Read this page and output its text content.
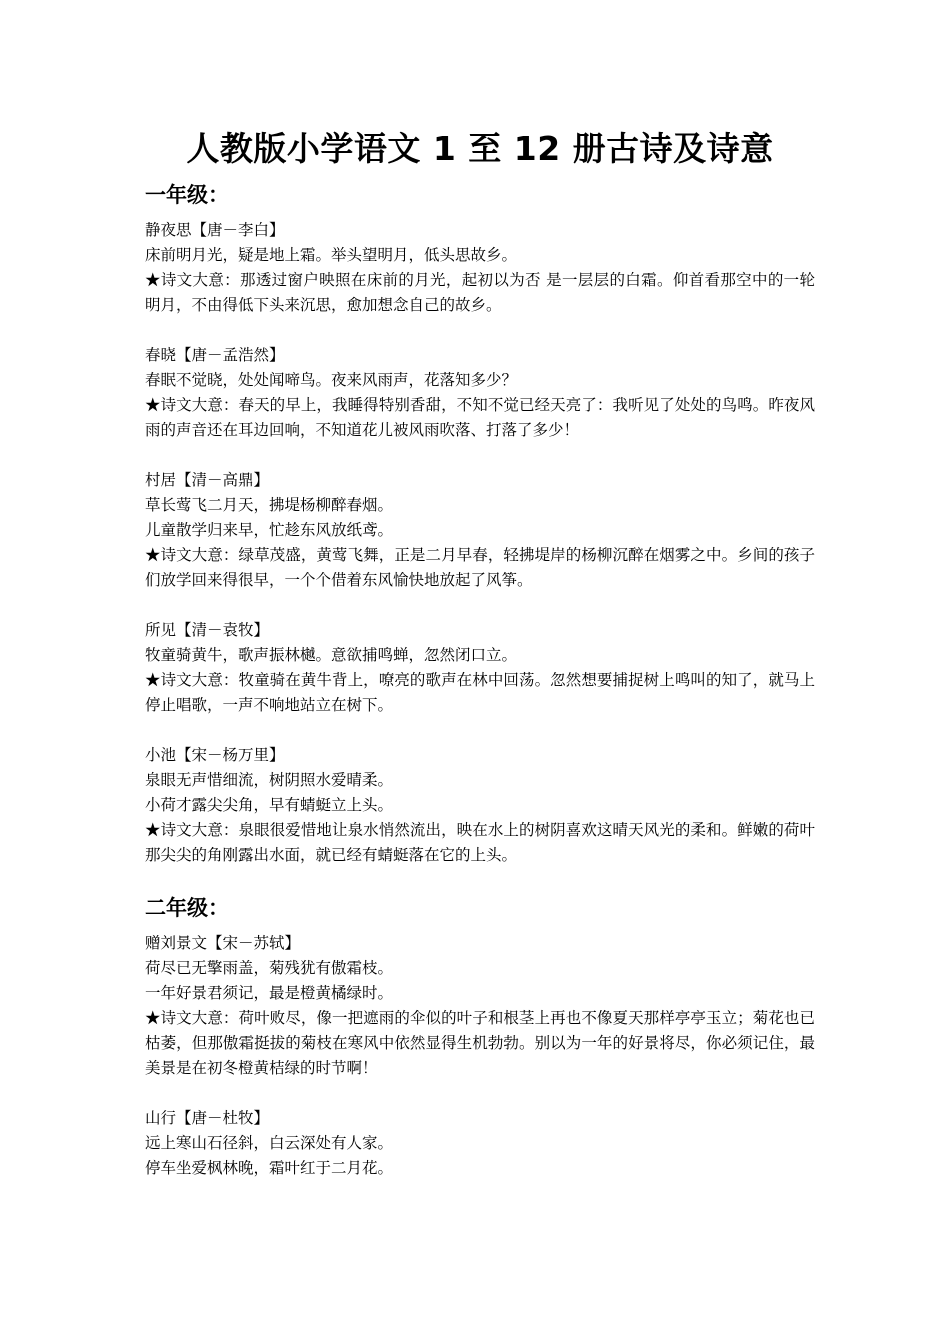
人教版小学语文 1 至 12 册古诗及诗意
一年级：
静夜思【唐－李白】
床前明月光，疑是地上霜。举头望明月，低头思故乡。
★诗文大意：那透过窗户映照在床前的月光，起初以为否 是一层层的白霜。仰首看那空中的一轮明月，不由得低下头来沉思，愈加想念自己的故乡。
春晓【唐－孟浩然】
春眠不觉晓，处处闻啼鸟。夜来风雨声，花落知多少？
★诗文大意：春天的早上，我睡得特别香甜，不知不觉已经天亮了：我听见了处处的鸟鸣。昨夜风雨的声音还在耳边回响，不知道花儿被风雨吹落、打落了多少！
村居【清－高鼎】
草长莺飞二月天，拂堤杨柳醉春烟。
儿童散学归来早，忙趁东风放纸鸢。
★诗文大意：绿草茂盛，黄莺飞舞，正是二月早春，轻拂堤岸的杨柳沉醉在烟雾之中。乡间的孩子们放学回来得很早，一个个借着东风愉快地放起了风筝。
所见【清－袁牧】
牧童骑黄牛，歌声振林樾。意欲捕鸣蝉，忽然闭口立。
★诗文大意：牧童骑在黄牛背上，嘹亮的歌声在林中回荡。忽然想要捕捉树上鸣叫的知了，就马上停止唱歌，一声不响地站立在树下。
小池【宋－杨万里】
泉眼无声惜细流，树阴照水爱晴柔。
小荷才露尖尖角，早有蜻蜓立上头。
★诗文大意：泉眼很爱惜地让泉水悄然流出，映在水上的树阴喜欢这晴天风光的柔和。鲜嫩的荷叶那尖尖的角刚露出水面，就已经有蜻蜓落在它的上头。
二年级：
赠刘景文【宋－苏轼】
荷尽已无擎雨盖，菊残犹有傲霜枝。
一年好景君须记，最是橙黄橘绿时。
★诗文大意：荷叶败尽，像一把遮雨的伞似的叶子和根茎上再也不像夏天那样亭亭玉立；菊花也已枯萎，但那傲霜挺拔的菊枝在寒风中依然显得生机勃勃。别以为一年的好景将尽，你必须记住，最美景是在初冬橙黄桔绿的时节啊！
山行【唐－杜牧】
远上寒山石径斜，白云深处有人家。
停车坐爱枫林晚，霜叶红于二月花。
